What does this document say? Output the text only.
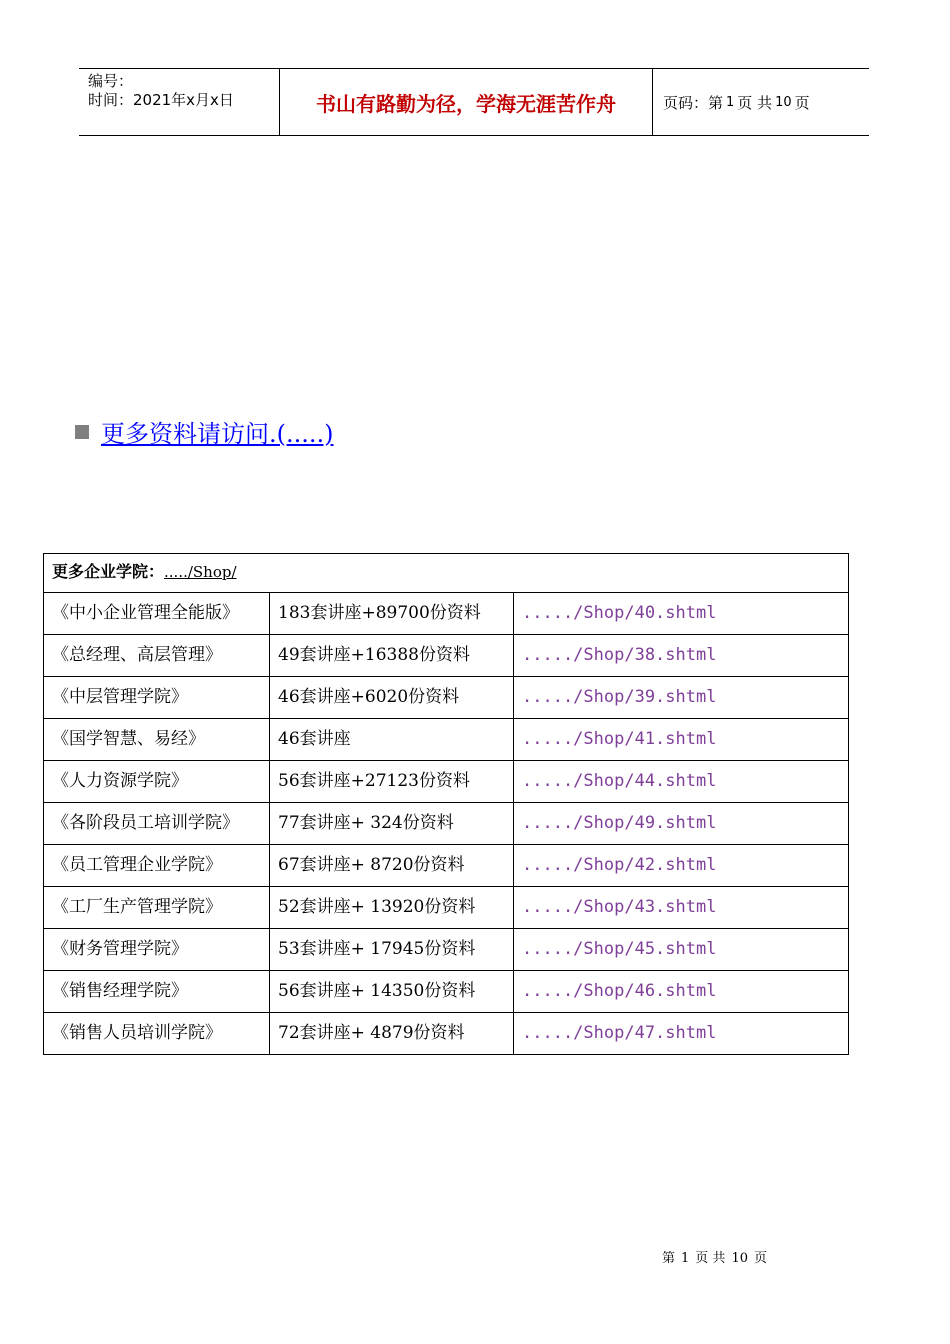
编号：
时间：2021年x月x日	书山有路勤为径，学海无涯苦作舟	页码：第 1 页 共 10 页
更多资料请访问.(.....)
更多企业学院：...../Shop/		
《中小企业管理全能版》	183套讲座+89700份资料	...../Shop/40.shtml
《总经理、高层管理》	49套讲座+16388份资料	...../Shop/38.shtml
《中层管理学院》	46套讲座+6020份资料	...../Shop/39.shtml
《国学智慧、易经》	46套讲座	...../Shop/41.shtml
《人力资源学院》	56套讲座+27123份资料	...../Shop/44.shtml
《各阶段员工培训学院》	77套讲座+ 324份资料	...../Shop/49.shtml
《员工管理企业学院》	67套讲座+ 8720份资料	...../Shop/42.shtml
《工厂生产管理学院》	52套讲座+ 13920份资料	...../Shop/43.shtml
《财务管理学院》	53套讲座+ 17945份资料	...../Shop/45.shtml
《销售经理学院》	56套讲座+ 14350份资料	...../Shop/46.shtml
《销售人员培训学院》	72套讲座+ 4879份资料	...../Shop/47.shtml
第 1 页 共 10 页
